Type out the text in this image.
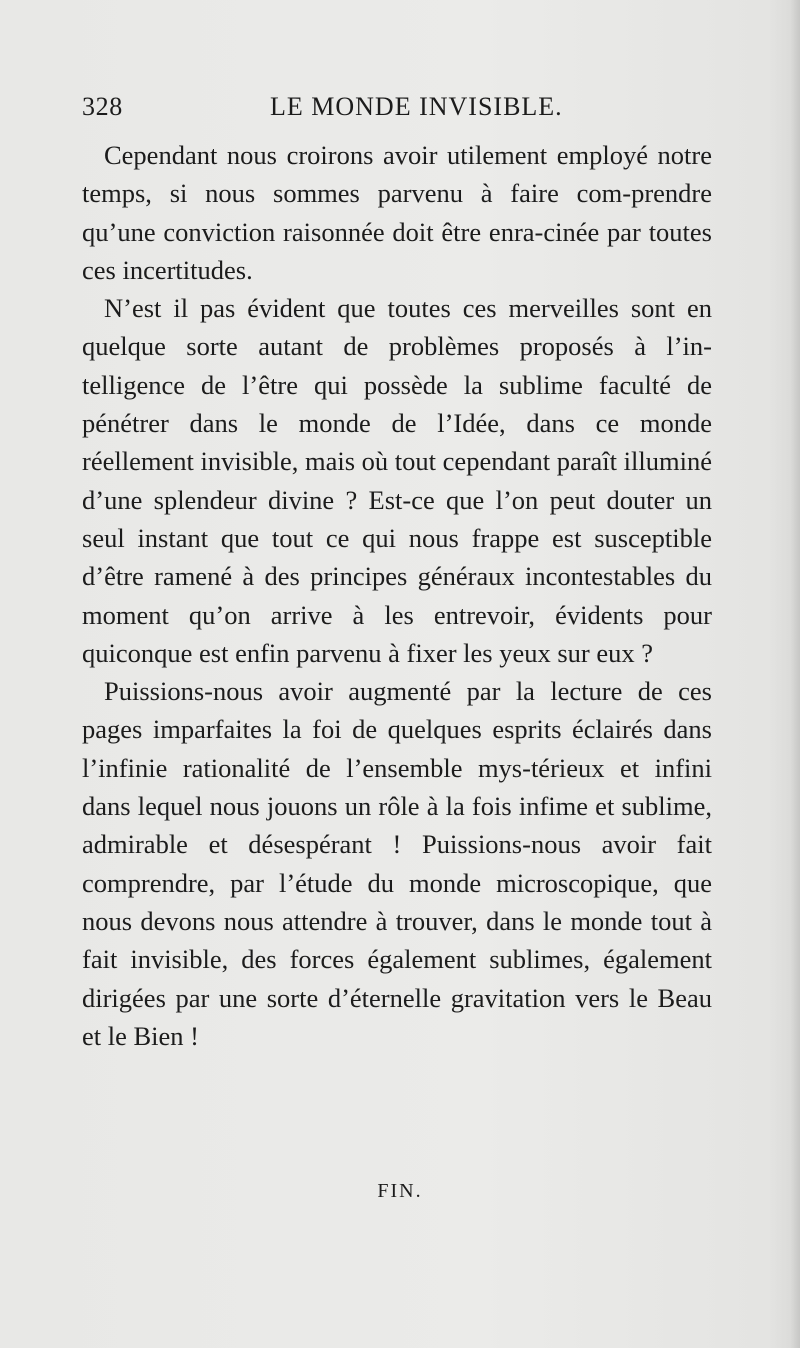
328	LE MONDE INVISIBLE.

Cependant nous croirons avoir utilement employé notre temps, si nous sommes parvenu à faire com-prendre qu’une conviction raisonnée doit être enra-cinée par toutes ces incertitudes.

N’est il pas évident que toutes ces merveilles sont en quelque sorte autant de problèmes proposés à l’in-telligence de l’être qui possède la sublime faculté de pénétrer dans le monde de l’Idée, dans ce monde réellement invisible, mais où tout cependant paraît illuminé d’une splendeur divine ? Est-ce que l’on peut douter un seul instant que tout ce qui nous frappe est susceptible d’être ramené à des principes généraux incontestables du moment qu’on arrive à les entrevoir, évidents pour quiconque est enfin parvenu à fixer les yeux sur eux ?

Puissions-nous avoir augmenté par la lecture de ces pages imparfaites la foi de quelques esprits éclairés dans l’infinie rationalité de l’ensemble mys-térieux et infini dans lequel nous jouons un rôle à la fois infime et sublime, admirable et désespérant ! Puissions-nous avoir fait comprendre, par l’étude du monde microscopique, que nous devons nous attendre à trouver, dans le monde tout à fait invisible, des forces également sublimes, également dirigées par une sorte d’éternelle gravitation vers le Beau et le Bien !

FIN.
